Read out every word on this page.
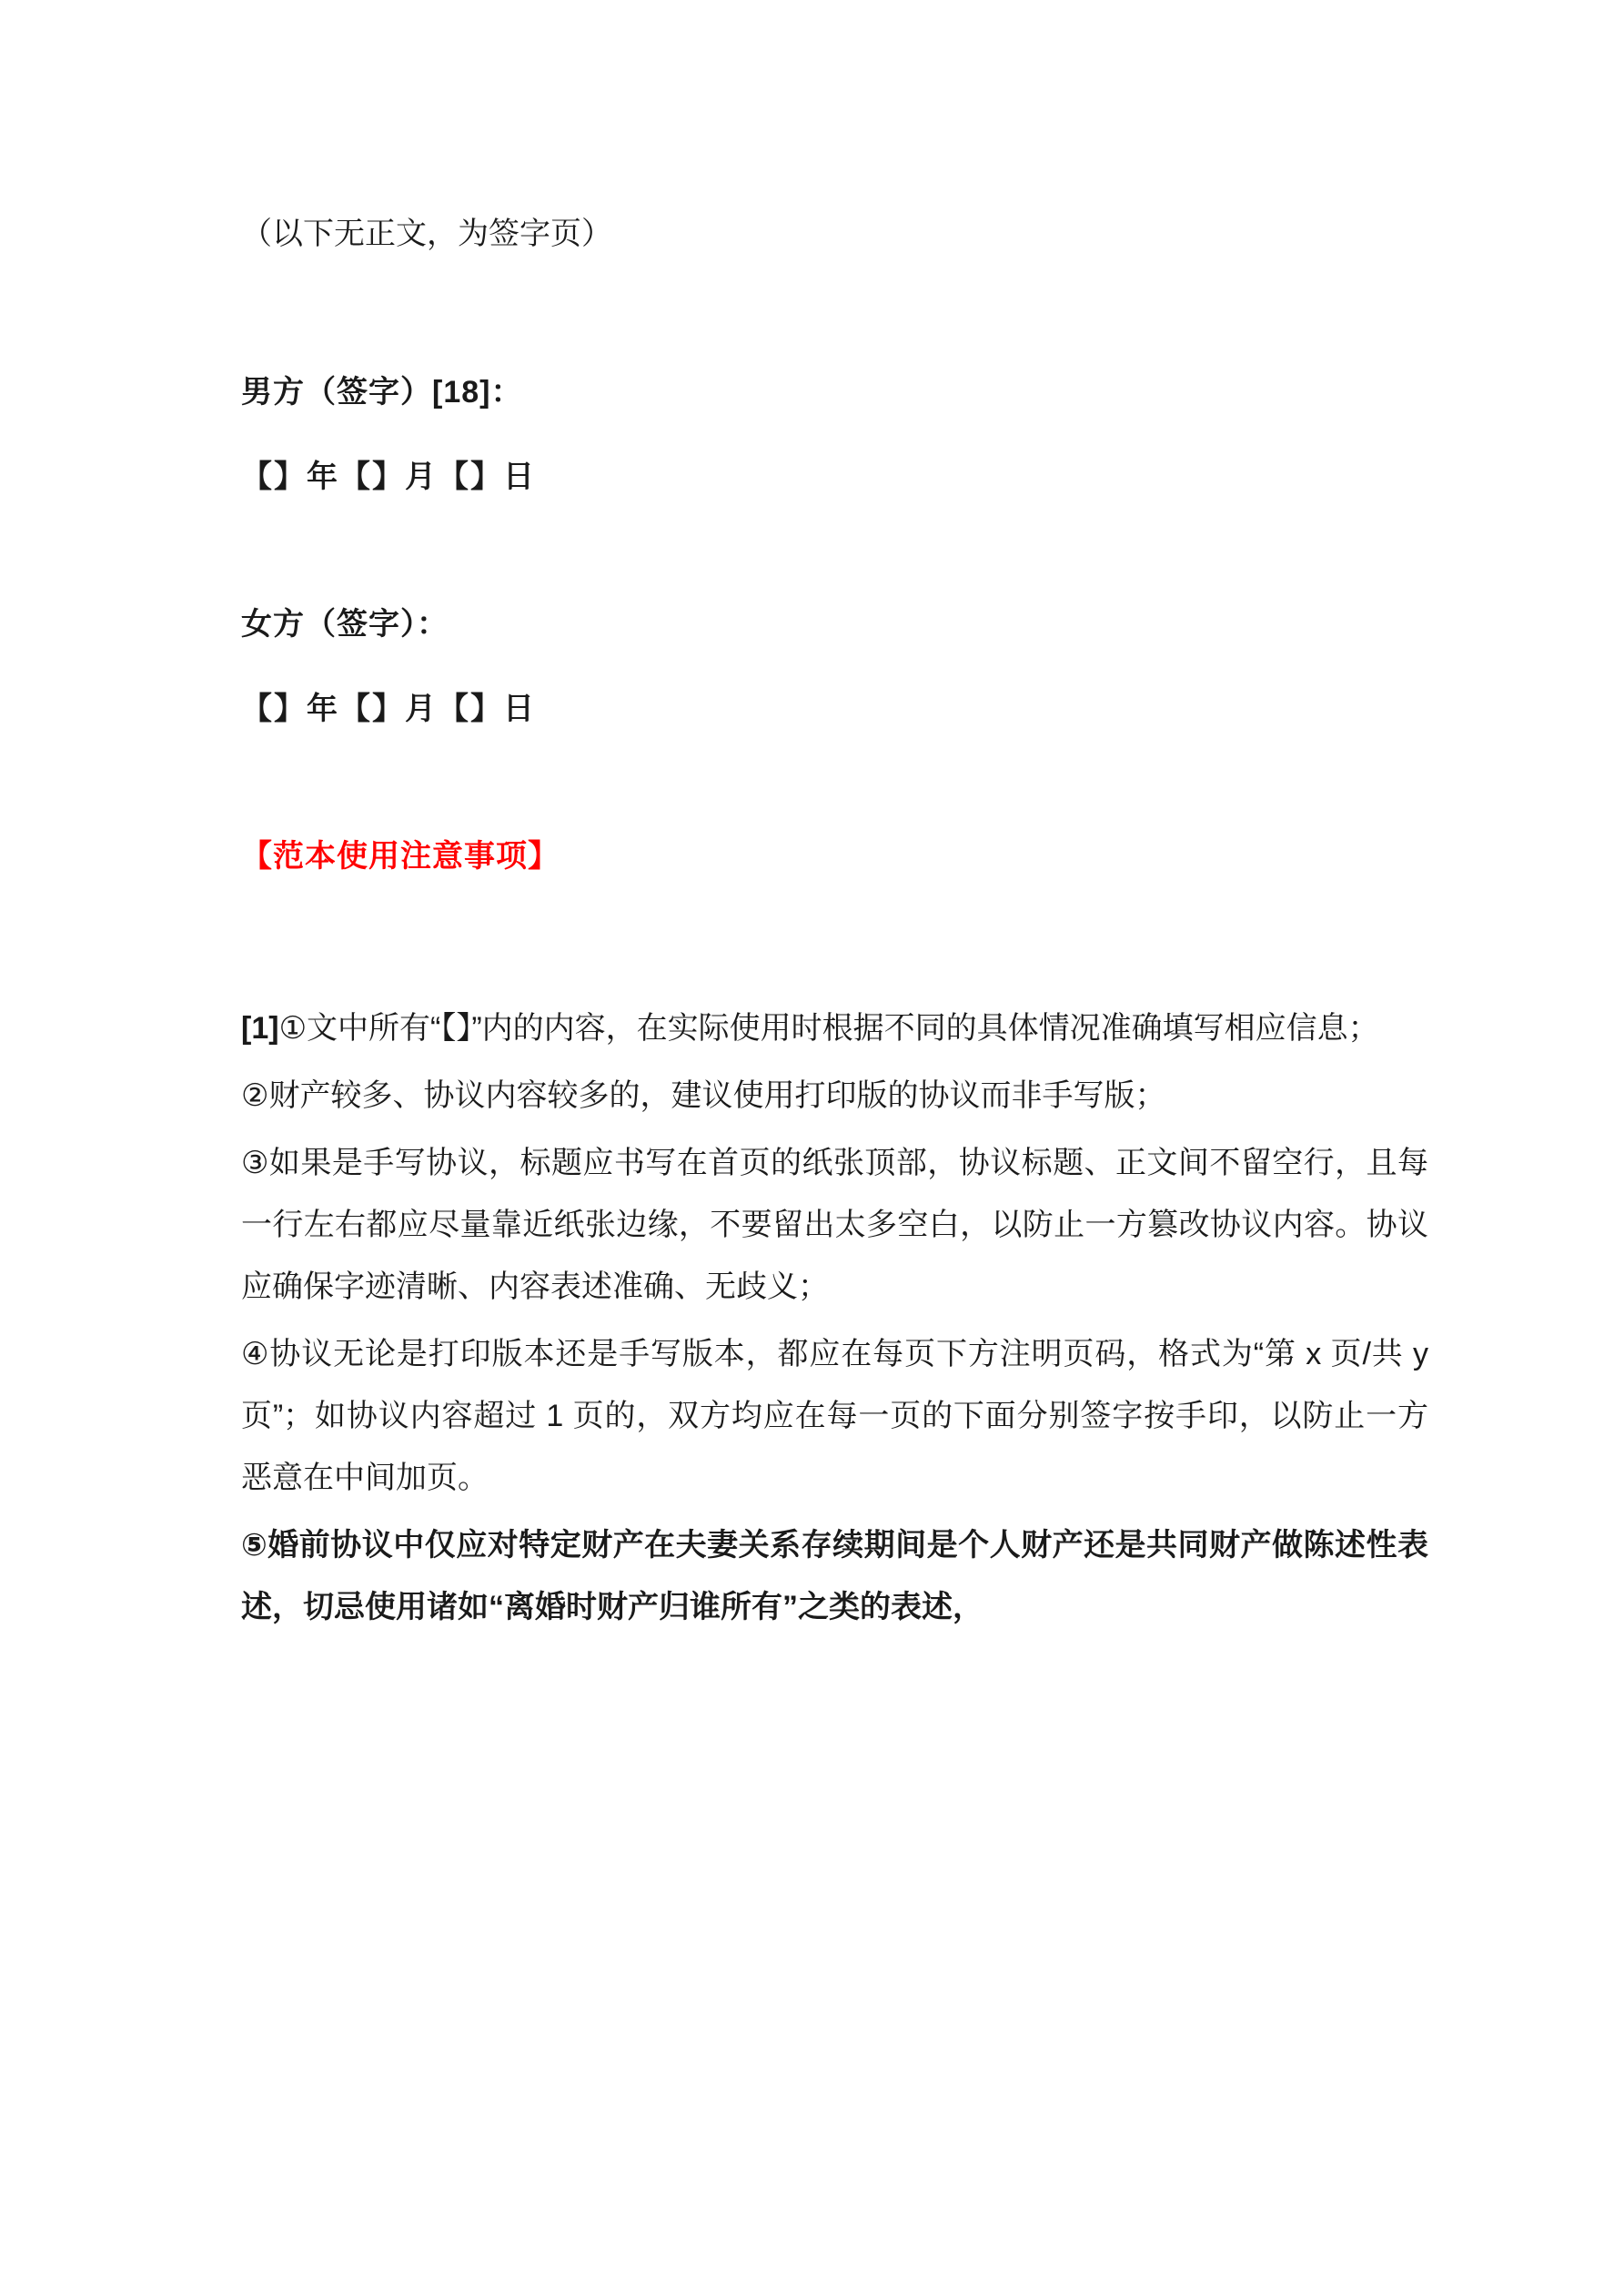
（以下无正文，为签字页）

男方（签字）[18]：

【】年【】月【】日

女方（签字）：

【】年【】月【】日

【范本使用注意事项】

[1]①文中所有“【】”内的内容，在实际使用时根据不同的具体情况准确填写相应信息；

②财产较多、协议内容较多的，建议使用打印版的协议而非手写版；

③如果是手写协议，标题应书写在首页的纸张顶部，协议标题、正文间不留空行，且每一行左右都应尽量靠近纸张边缘，不要留出太多空白，以防止一方篡改协议内容。协议应确保字迹清晰、内容表述准确、无歧义；

④协议无论是打印版本还是手写版本，都应在每页下方注明页码，格式为“第 x 页/共 y 页”；如协议内容超过 1 页的，双方均应在每一页的下面分别签字按手印，以防止一方恶意在中间加页。

⑤婚前协议中仅应对特定财产在夫妻关系存续期间是个人财产还是共同财产做陈述性表述，切忌使用诸如“离婚时财产归谁所有”之类的表述，
